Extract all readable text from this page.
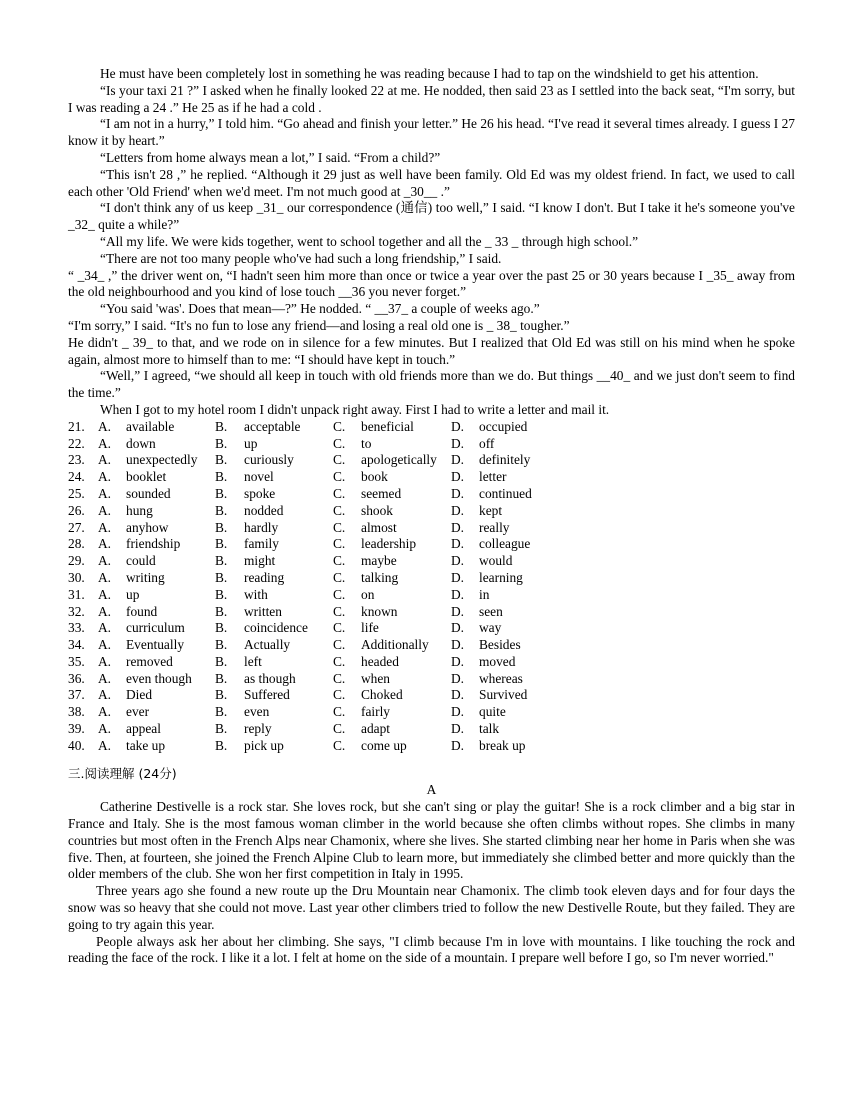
He must have been completely lost in something he was reading because I had to tap on the windshield to get his attention.

“Is your taxi 21 ?” I asked when he finally looked 22 at me. He nodded, then said 23 as I settled into the back seat, “I'm sorry, but I was reading a 24 .” He 25 as if he had a cold .

“I am not in a hurry,” I told him. “Go ahead and finish your letter.” He 26 his head. “I've read it several times already. I guess I 27 know it by heart.”

“Letters from home always mean a lot,” I said. “From a child?”

“This isn't 28 ,” he replied. “Although it 29 just as well have been family. Old Ed was my oldest friend. In fact, we used to call each other 'Old Friend' when we'd meet. I'm not much good at _30__ .”

“I don't think any of us keep _31_ our correspondence (通信) too well,” I said. “I know I don't. But I take it he's someone you've _32_ quite a while?”

“All my life. We were kids together, went to school together and all the _ 33 _ through high school.”

“There are not too many people who've had such a long friendship,” I said.

“ _34_ ,” the driver went on, “I hadn't seen him more than once or twice a year over the past 25 or 30 years because I _35_ away from the old neighbourhood and you kind of lose touch __36 you never forget.”

“You said 'was'. Does that mean—?” He nodded. “ __37_ a couple of weeks ago.”

“I'm sorry,” I said. “It's no fun to lose any friend—and losing a real old one is _ 38_ tougher.”

He didn't _ 39_ to that, and we rode on in silence for a few minutes. But I realized that Old Ed was still on his mind when he spoke again, almost more to himself than to me: “I should have kept in touch.”

“Well,” I agreed, “we should all keep in touch with old friends more than we do. But things __40_ and we just don't seem to find the time.”

When I got to my hotel room I didn't unpack right away. First I had to write a letter and mail it.

21. A. available	B. acceptable C. beneficial	D. occupied
22. A. down	B. up	C. to	D. off
23. A. unexpectedly B. curiously	C. apologetically D. definitely
24. A. booklet	B. novel	C. book	D. letter
25. A. sounded	B. spoke	C. seemed	D. continued
26. A. hung	B. nodded	C. shook	D. kept
27. A. anyhow	B. hardly	C. almost	D. really
28. A. friendship	B. family	C. leadership	D. colleague
29. A. could	B. might	C. maybe	D. would
30. A. writing	B. reading	C. talking	D. learning
31. A. up	B. with	C. on	D. in
32. A. found	B. written	C. known	D. seen
33. A. curriculum B. coincidence C. life	D. way
34. A. Eventually B. Actually	C. Additionally D. Besides
35. A. removed	B. left	C. headed	D. moved
36. A. even though B. as though	C. when	D. whereas
37. A. Died	B. Suffered	C. Choked	D. Survived
38. A. ever	B. even	C. fairly	D. quite
39. A. appeal	B. reply	C. adapt	D. talk
40. A. take up	B. pick up	C. come up	D. break up
三.阅读理解 (24分)

A

Catherine Destivelle is a rock star. She loves rock, but she can't sing or play the guitar! She is a rock climber and a big star in France and Italy. She is the most famous woman climber in the world because she often climbs without ropes. She climbs in many countries but most often in the French Alps near Chamonix, where she lives. She started climbing near her home in Paris when she was five. Then, at fourteen, she joined the French Alpine Club to learn more, but immediately she climbed better and more quickly than the older members of the club. She won her first competition in Italy in 1995.

Three years ago she found a new route up the Dru Mountain near Chamonix. The climb took eleven days and for four days the snow was so heavy that she could not move. Last year other climbers tried to follow the new Destivelle Route, but they failed. They are going to try again this year.

People always ask her about her climbing. She says, "I climb because I'm in love with mountains. I like touching the rock and reading the face of the rock. I like it a lot. I felt at home on the side of a mountain. I prepare well before I go, so I'm never worried."
